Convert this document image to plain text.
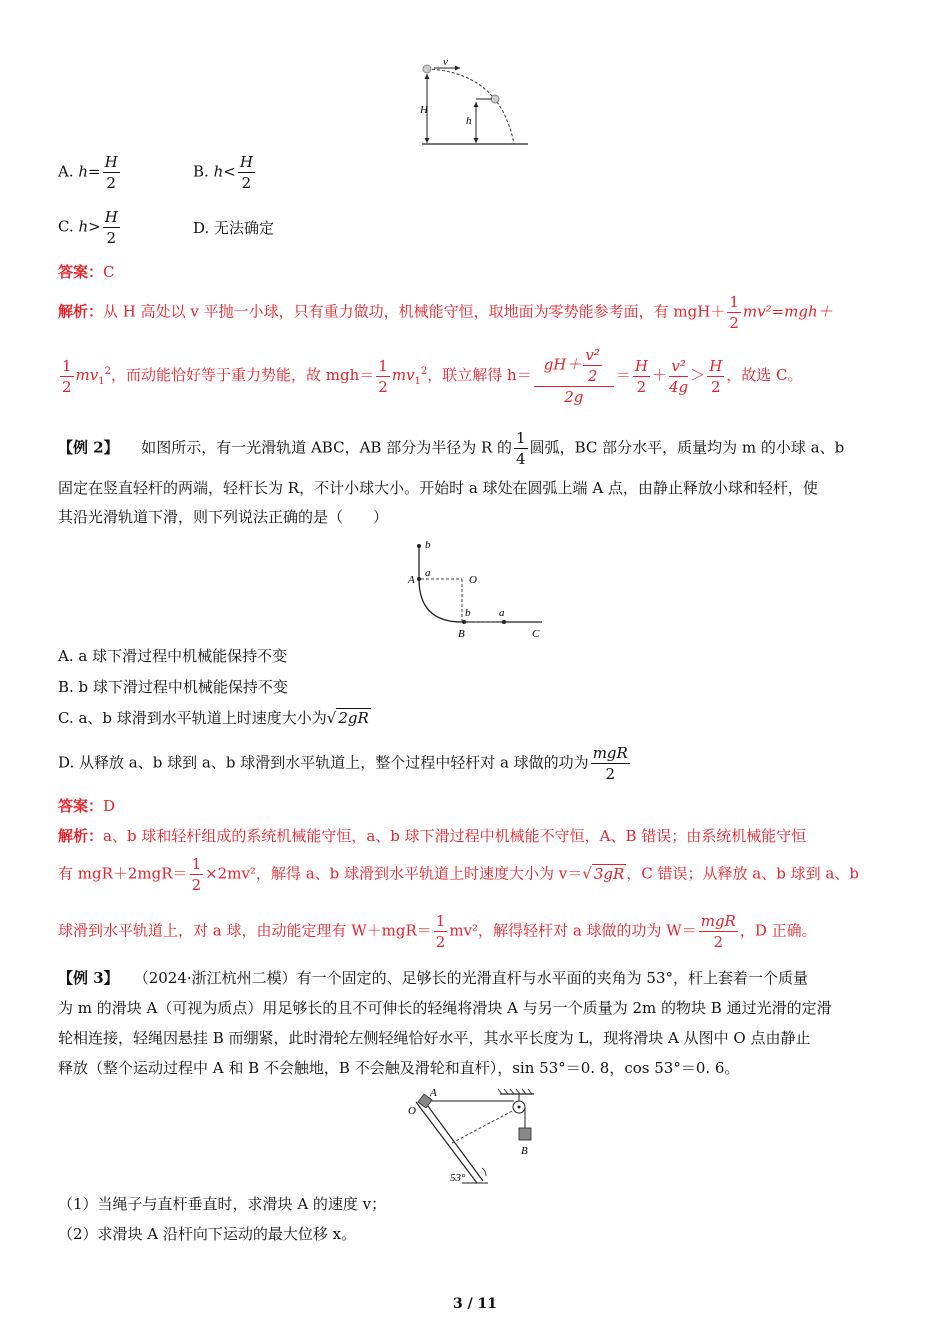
v
H
h
A. $h= \frac{H}{2}$	B. $h< \frac{H}{2}$
C. $h> \frac{H}{2}$	D. 无法确定
答案：C
解析：从 H 高处以 v 平抛一小球，只有重力做功，机械能守恒，取地面为零势能参考面，有 $mgH+ \frac{1}{2} mv^2=mgh+$
$\frac{1}{2} mv_1^2$，而动能恰好等于重力势能，故 $mgh= \frac{1}{2} mv_1^2$，联立解得 $h= \frac{gH+ \frac{\text{v²}}{2}}{2g} = \frac{H}{2} + \frac{\text{v²}}{4g} > \frac{H}{2}$ ，故选 C。
【例 2】　　 如图所示，有一光滑轨道 ABC，AB 部分为半径为 R 的 $\frac{1}{4}$ 圆弧，BC 部分水平，质量均为 m 的小球 a、b
固定在竖直轻杆的两端，轻杆长为 R，不计小球大小。开始时 a 球处在圆弧上端 A 点，由静止释放小球和轻杆，使
其沿光滑轨道下滑，则下列说法正确的是（　　）
b
A
a
O
b	a
B	C
A. a 球下滑过程中机械能保持不变
B. b 球下滑过程中机械能保持不变
C. a、b 球滑到水平轨道上时速度大小为√ 2gR
D. 从释放 a、b 球到 a、b 球滑到水平轨道上，整个过程中轻杆对 a 球做的功为 $\frac{\text{mgR}}{2}$
答案：D
解析：a、b 球和轻杆组成的系统机械能守恒，a、b 球下滑过程中机械能不守恒，A、B 错误；由系统机械能守恒
有 $mgR+2mgR= \frac{1}{2} \times 2mv^2$，解得 a、b 球滑到水平轨道上时速度大小为 v＝√ 3gR ，C 错误；从释放 a、b 球到 a、b
球滑到水平轨道上，对 a 球，由动能定理有 $W+mgR= \frac{1}{2} mv^2$，解得轻杆对 a 球做的功为 $W= \frac{\text{mgR}}{2}$ ，D 正确。
【例 3】　　 （2024·浙江杭州二模）有一个固定的、足够长的光滑直杆与水平面的夹角为 53°，杆上套着一个质量
为 m 的滑块 A（可视为质点）用足够长的且不可伸长的轻绳将滑块 A 与另一个质量为 2m 的物块 B 通过光滑的定滑
轮相连接，轻绳因悬挂 B 而绷紧，此时滑轮左侧轻绳恰好水平，其水平长度为 L，现将滑块 A 从图中 O 点由静止
释放（整个运动过程中 A 和 B 不会触地，B 不会触及滑轮和直杆），sin 53°＝0. 8，cos 53°＝0. 6。
A
O
B
53°
（1）当绳子与直杆垂直时，求滑块 A 的速度 v；
（2）求滑块 A 沿杆向下运动的最大位移 x。
3 / 11
